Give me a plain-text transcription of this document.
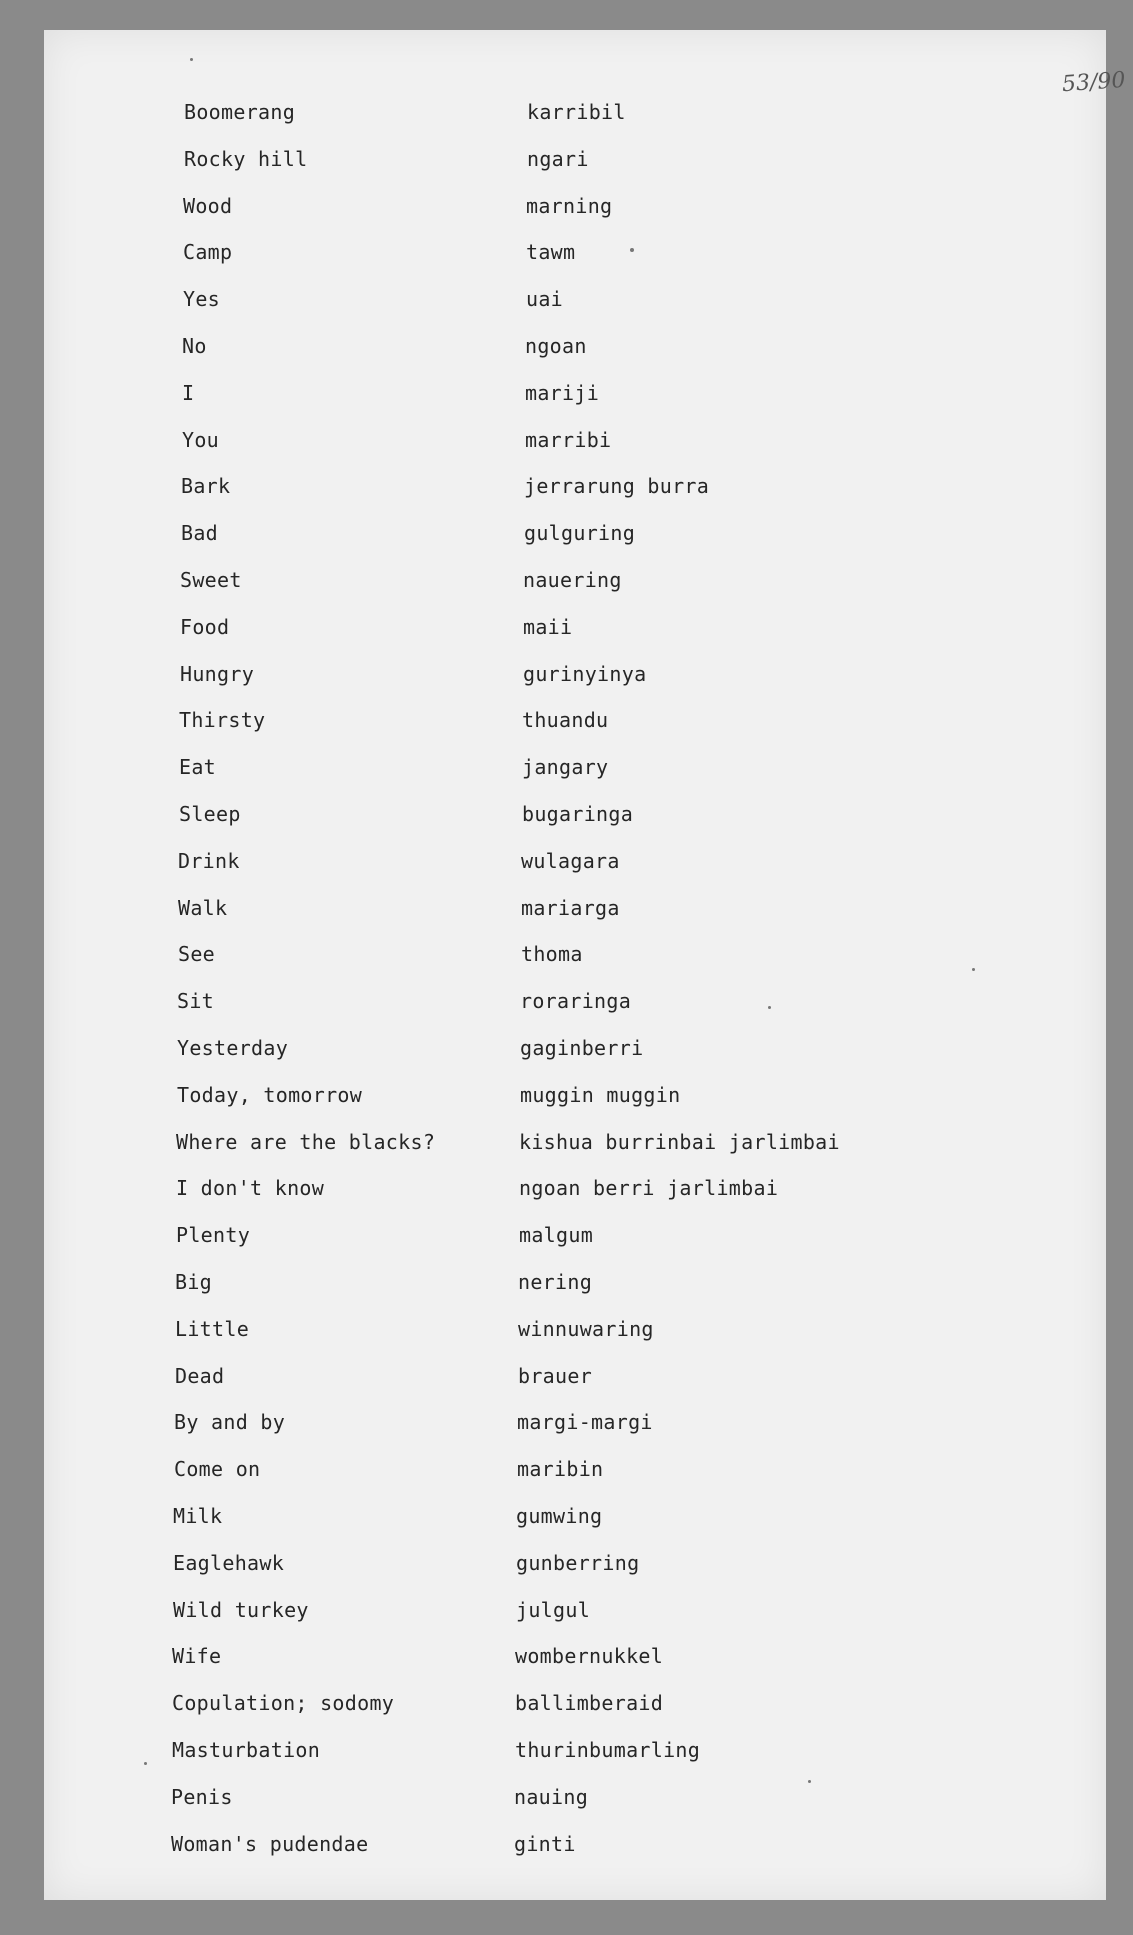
53/90
Boomerang	karribil
Rocky hill	ngari
Wood	marning
Camp	tawm
Yes	uai
No	ngoan
I	mariji
You	marribi
Bark	jerrarung burra
Bad	gulguring
Sweet	nauering
Food	maii
Hungry	gurinyinya
Thirsty	thuandu
Eat	jangary
Sleep	bugaringa
Drink	wulagara
Walk	mariarga
See	thoma
Sit	roraringa
Yesterday	gaginberri
Today, tomorrow	muggin muggin
Where are the blacks?	kishua burrinbai jarlimbai
I don't know	ngoan berri jarlimbai
Plenty	malgum
Big	nering
Little	winnuwaring
Dead	brauer
By and by	margi-margi
Come on	maribin
Milk	gumwing
Eaglehawk	gunberring
Wild turkey	julgul
Wife	wombernukkel
Copulation; sodomy	ballimberaid
Masturbation	thurinbumarling
Penis	nauing
Woman's pudendae	ginti
